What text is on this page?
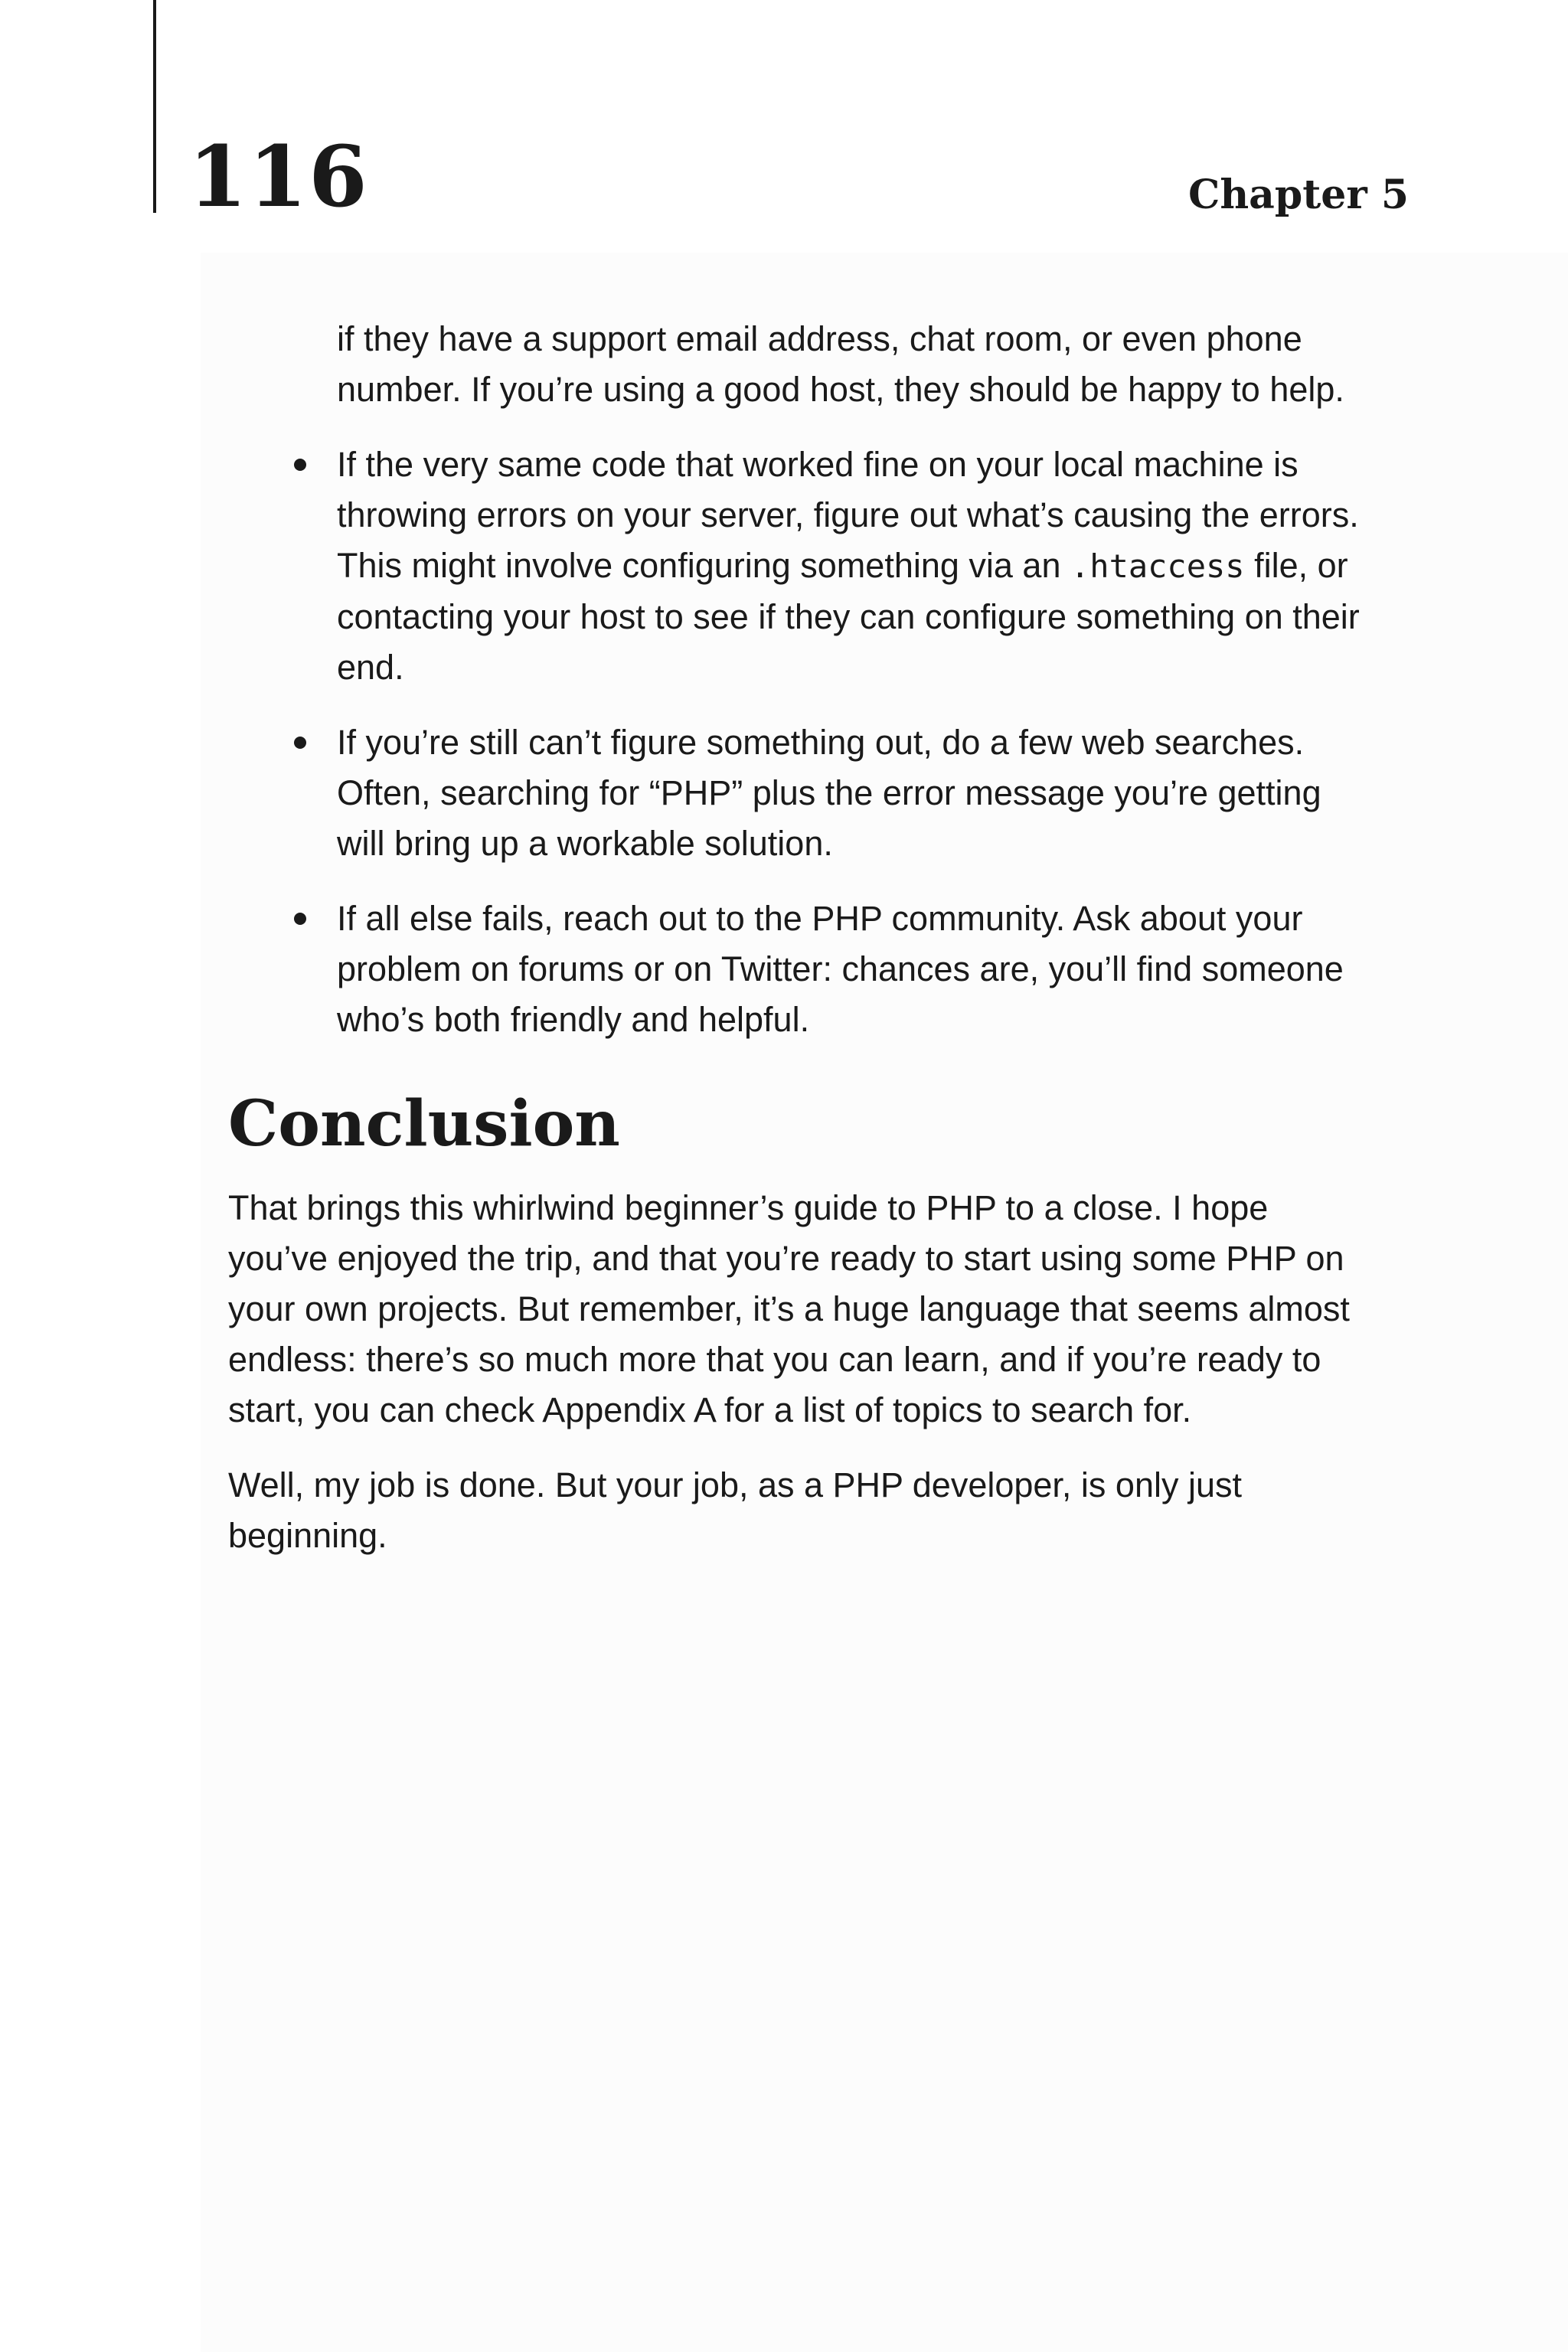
116	Chapter 5

if they have a support email address, chat room, or even phone number. If you’re using a good host, they should be happy to help.

If the very same code that worked fine on your local machine is throwing errors on your server, figure out what’s causing the errors. This might involve configuring something via an .htaccess file, or contacting your host to see if they can configure something on their end.
If you’re still can’t figure something out, do a few web searches. Often, searching for “PHP” plus the error message you’re getting will bring up a workable solution.
If all else fails, reach out to the PHP community. Ask about your problem on forums or on Twitter: chances are, you’ll find someone who’s both friendly and helpful.
Conclusion

That brings this whirlwind beginner’s guide to PHP to a close. I hope you’ve enjoyed the trip, and that you’re ready to start using some PHP on your own projects. But remember, it’s a huge language that seems almost endless: there’s so much more that you can learn, and if you’re ready to start, you can check Appendix A for a list of topics to search for.

Well, my job is done. But your job, as a PHP developer, is only just beginning.
